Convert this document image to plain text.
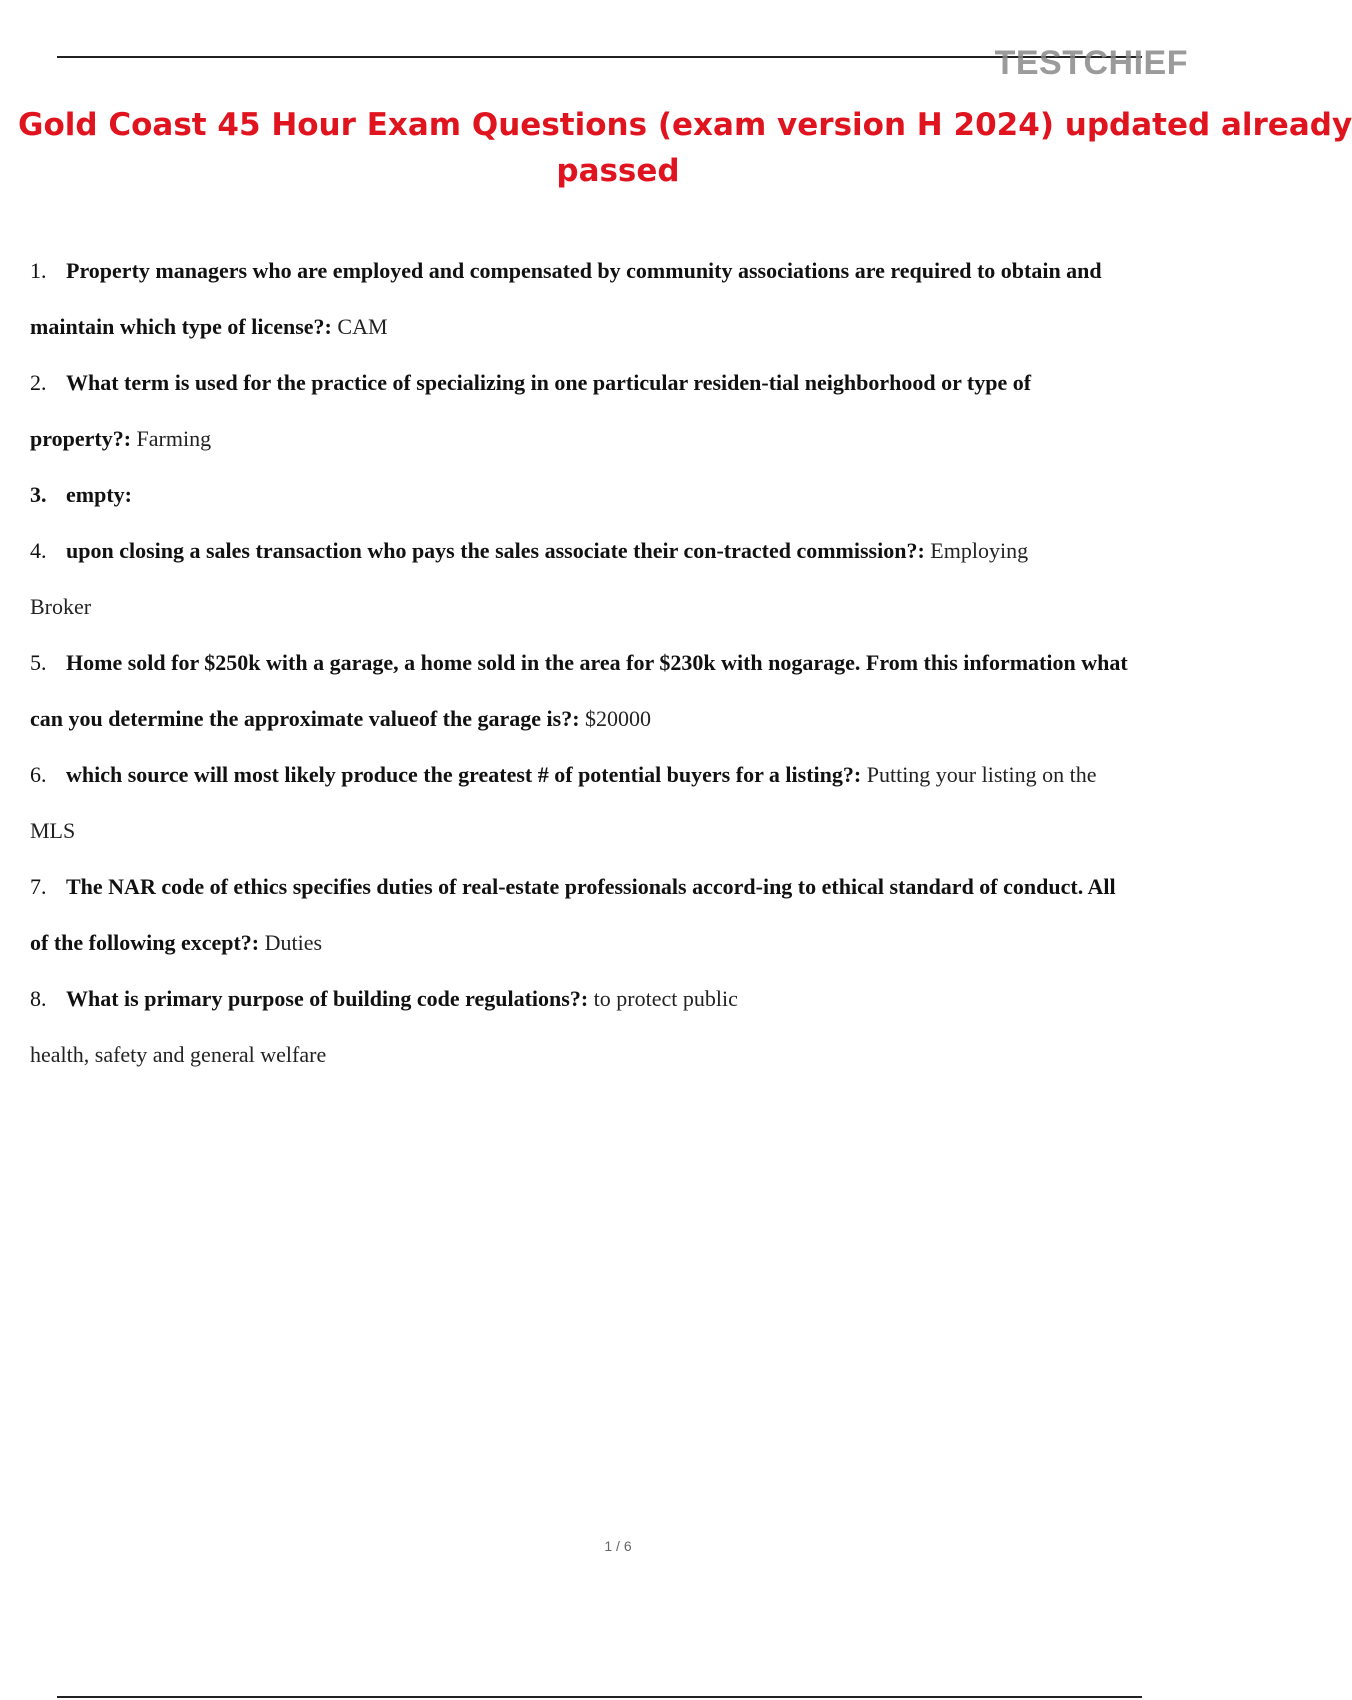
TESTCHIEF
Gold Coast 45 Hour Exam Questions (exam version H 2024) updated already
passed
1. Property managers who are employed and compensated by community associations are required to obtain and
maintain which type of license?: CAM
2. What term is used for the practice of specializing in one particular residen-tial neighborhood or type of
property?: Farming
3. empty:
4. upon closing a sales transaction who pays the sales associate their con-tracted commission?: Employing
Broker
5. Home sold for $250k with a garage, a home sold in the area for $230k with nogarage. From this information what
can you determine the approximate valueof the garage is?: $20000
6. which source will most likely produce the greatest # of potential buyers for a listing?: Putting your listing on the
MLS
7. The NAR code of ethics specifies duties of real-estate professionals accord-ing to ethical standard of conduct. All
of the following except?: Duties
8. What is primary purpose of building code regulations?: to protect public
health, safety and general welfare
1 / 6
